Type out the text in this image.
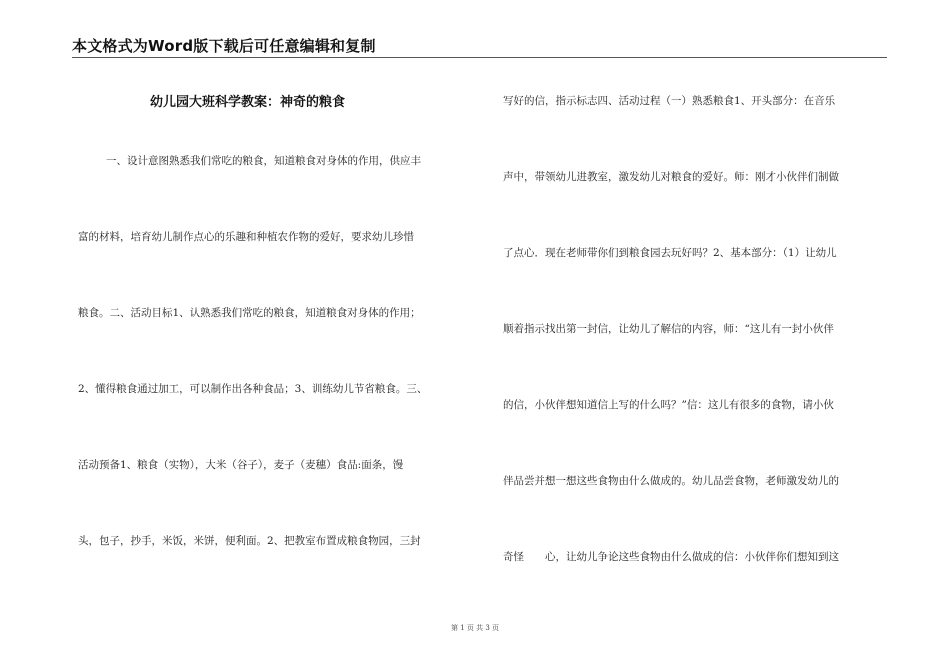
本文格式为Word版下载后可任意编辑和复制
幼儿园大班科学教案：神奇的粮食

一、设计意图熟悉我们常吃的粮食，知道粮食对身体的作用，供应丰

富的材料，培育幼儿制作点心的乐趣和种植农作物的爱好，要求幼儿珍惜

粮食。二、活动目标1、认熟悉我们常吃的粮食，知道粮食对身体的作用；

2、懂得粮食通过加工，可以制作出各种食品；3、训练幼儿节省粮食。三、

活动预备1、粮食（实物），大米（谷子），麦子（麦穗）食品:面条，馒

头，包子，抄手，米饭，米饼，便利面。2、把教室布置成粮食物园，三封

写好的信，指示标志四、活动过程（一）熟悉粮食1、开头部分：在音乐

声中，带领幼儿进教室，激发幼儿对粮食的爱好。师：刚才小伙伴们制做

了点心．现在老师带你们到粮食园去玩好吗？2、基本部分：（1）让幼儿

顺着指示找出第一封信，让幼儿了解信的内容，师：“这儿有一封小伙伴

的信，小伙伴想知道信上写的什么吗？”信：这儿有很多的食物，请小伙

伴品尝并想一想这些食物由什么做成的。幼儿品尝食物，老师激发幼儿的

奇怪　　心，让幼儿争论这些食物由什么做成的信：小伙伴你们想知到这

第 1 页 共 3 页
